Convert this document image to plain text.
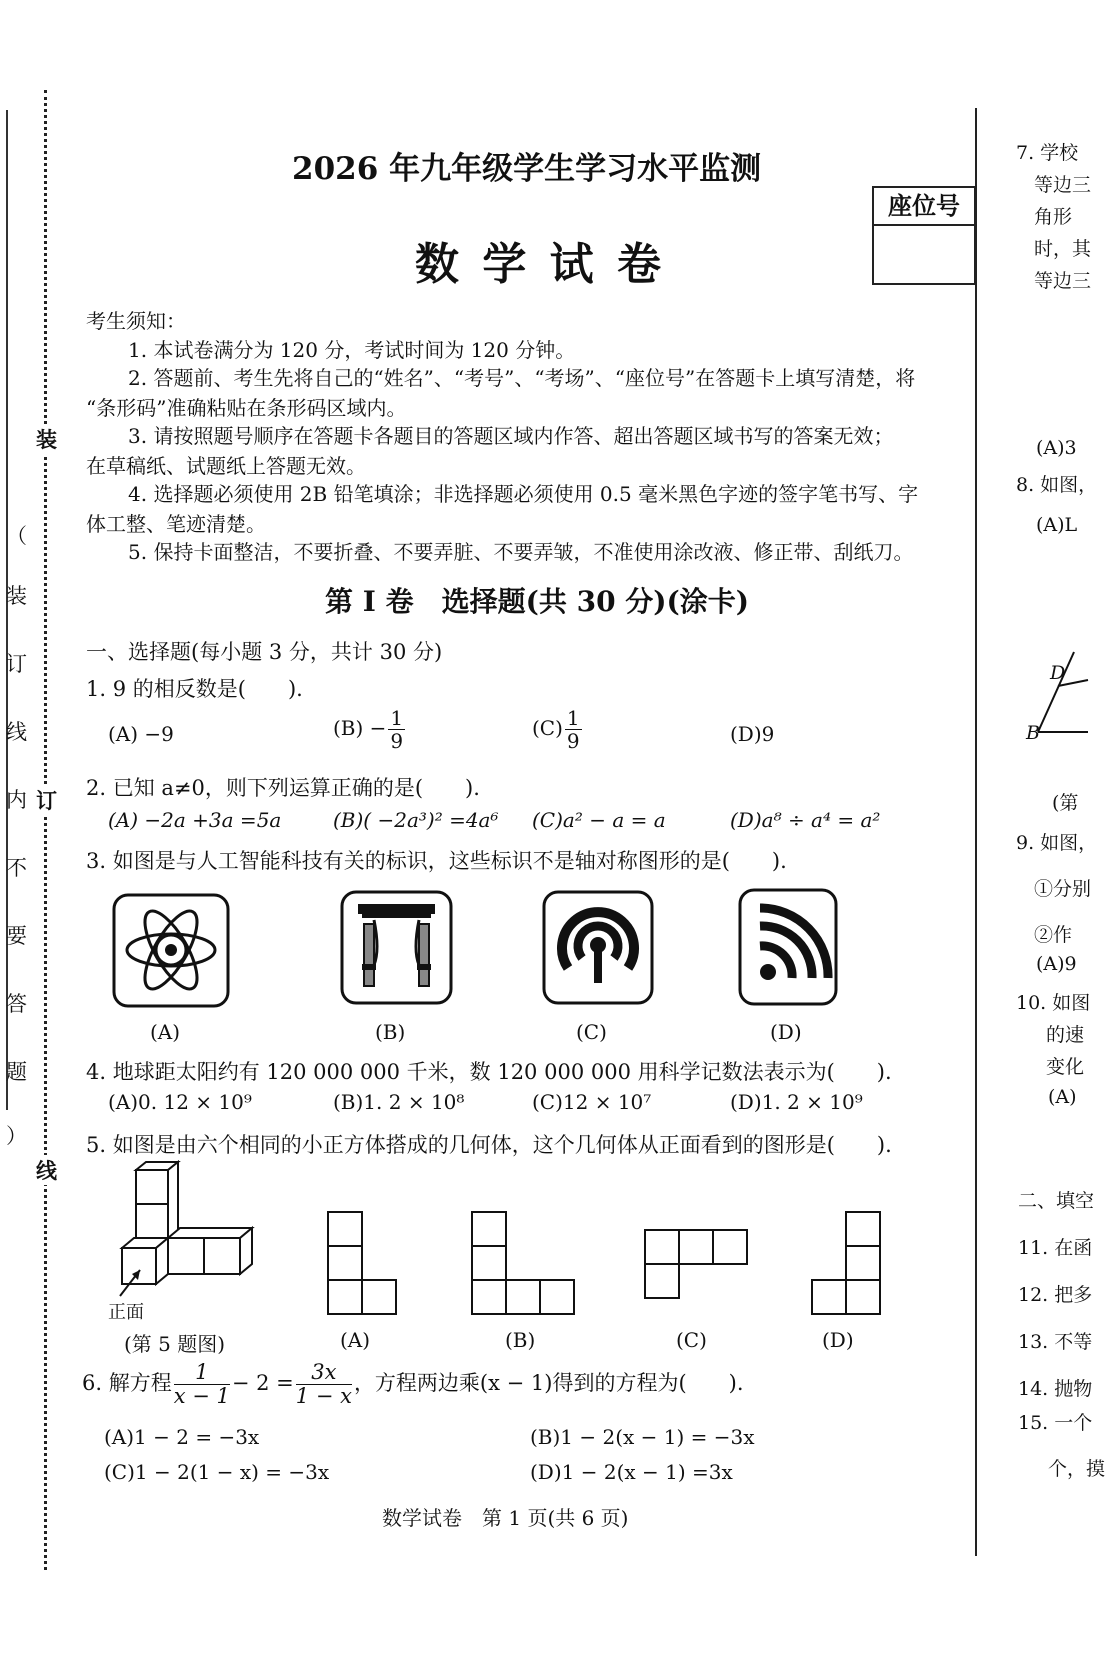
装
订
线
（
装
订
线
内
不
要
答
题
）
2026 年九年级学生学习水平监测
数 学 试 卷
座位号
考生须知：
1. 本试卷满分为 120 分，考试时间为 120 分钟。
2. 答题前、考生先将自己的“姓名”、“考号”、“考场”、“座位号”在答题卡上填写清楚，将
“条形码”准确粘贴在条形码区域内。
3. 请按照题号顺序在答题卡各题目的答题区域内作答、超出答题区域书写的答案无效；
在草稿纸、试题纸上答题无效。
4. 选择题必须使用 2B 铅笔填涂；非选择题必须使用 0.5 毫米黑色字迹的签字笔书写、字
体工整、笔迹清楚。
5. 保持卡面整洁，不要折叠、不要弄脏、不要弄皱，不准使用涂改液、修正带、刮纸刀。
第 I 卷　选择题(共 30 分)(涂卡)
一、选择题(每小题 3 分，共计 30 分)
1. 9 的相反数是(　　).
(A) −9	$(B) - \frac{1}{9}$	$(C) \frac{1}{9}$	(D)9
2. 已知 a≠0，则下列运算正确的是(　　).
(A) −2a +3a =5a	(B)( −2a³)² =4a⁶ (C)a² − a = a	(D)a⁸ ÷ a⁴ = a²
3. 如图是与人工智能科技有关的标识，这些标识不是轴对称图形的是(　　).
(A)	(B)	(C)	(D)
4. 地球距太阳约有 120 000 000 千米，数 120 000 000 用科学记数法表示为(　　).
(A)0. 12 × 10⁹	(B)1. 2 × 10⁸	(C)12 × 10⁷	(D)1. 2 × 10⁹
5. 如图是由六个相同的小正方体搭成的几何体，这个几何体从正面看到的图形是(　　).
正面
(第 5 题图)	(A)	(B)	(C)	(D)
6. 解方程 $\frac{1}{x - 1} - 2 = \frac{3x}{1 - x}$ ，方程两边乘(x − 1)得到的方程为(　　).
(A)1 − 2 = −3x	(B)1 − 2(x − 1) = −3x
(C)1 − 2(1 − x) = −3x	(D)1 − 2(x − 1) =3x
数学试卷　第 1 页(共 6 页)
7. 学校
等边三
角形
时，其
等边三
(A)3
8. 如图，
(A)L
D
B
(第
9. 如图，
①分别
②作
(A)9
10. 如图
的速
变化
(A)
二、填空
11. 在函
12. 把多
13. 不等
14. 抛物
15. 一个
个，摸
